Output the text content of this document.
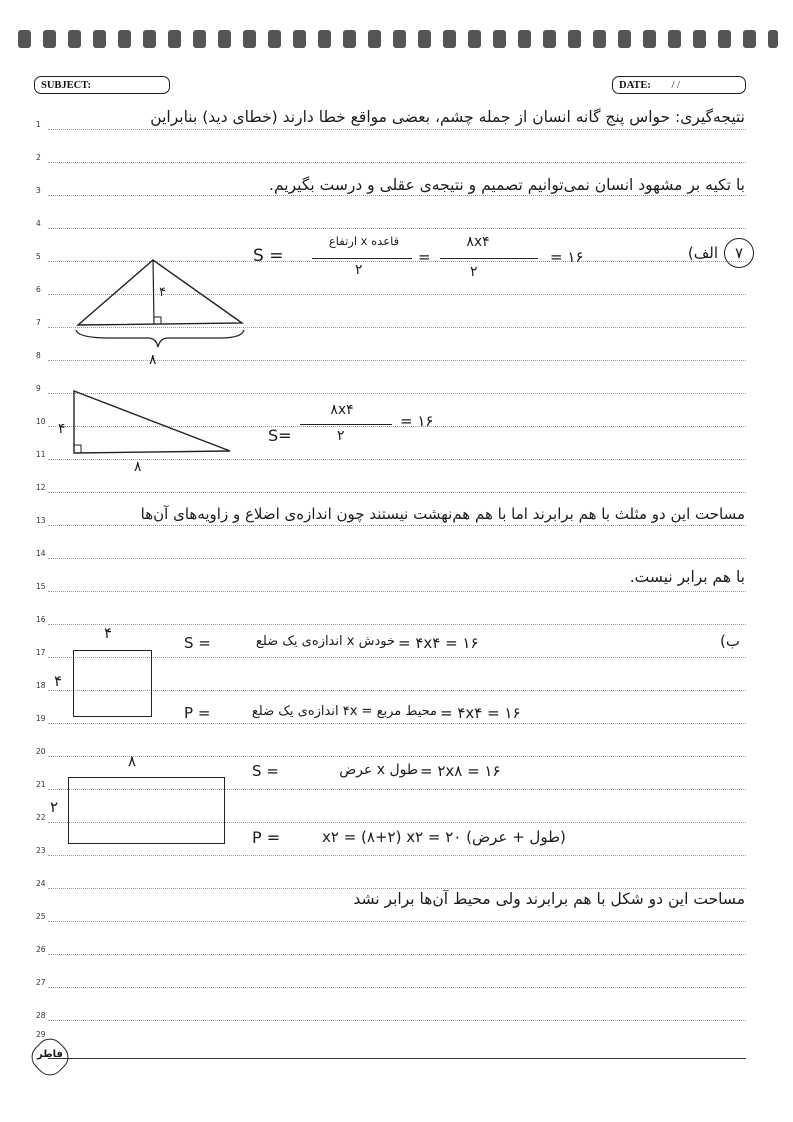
SUBJECT:	DATE: / /
1
2
3
4
5
6
7
8
9
10
11
12
13
14
15
16
17
18
19
20
21
22
23
24
25
26
27
28
29
نتیجه‌گیری: حواس پنج گانه انسان از جمله چشم، بعضی مواقع خطا دارند (خطای دید) بنابراین
با تکیه بر مشهود انسان نمی‌توانیم تصمیم و نتیجه‌ی عقلی و درست بگیریم.
۷
الف)
S =
ارتفاع x قاعده
۲
=
۸x۴
۲
= ۱۶
۴
۸
۴
۸
S=
۸x۴
۲
= ۱۶
مساحت این دو مثلث با هم برابرند اما با هم هم‌نهشت نیستند چون اندازه‌ی اضلاع و زاویه‌های آن‌ها
با هم برابر نیست.
ب)
۴
۴
S =	خودش x اندازه‌ی یک ضلع = ۴x۴ = ۱۶
P =	محیط مربع = ۴x اندازه‌ی یک ضلع = ۴x۴ = ۱۶
۸
۲
S =	طول x عرض = ۲x۸ = ۱۶
P =	(طول + عرض) x۲ = (۸+۲) x۲ = ۲۰
مساحت این دو شکل با هم برابرند ولی محیط آن‌ها برابر نشد
فاطر
